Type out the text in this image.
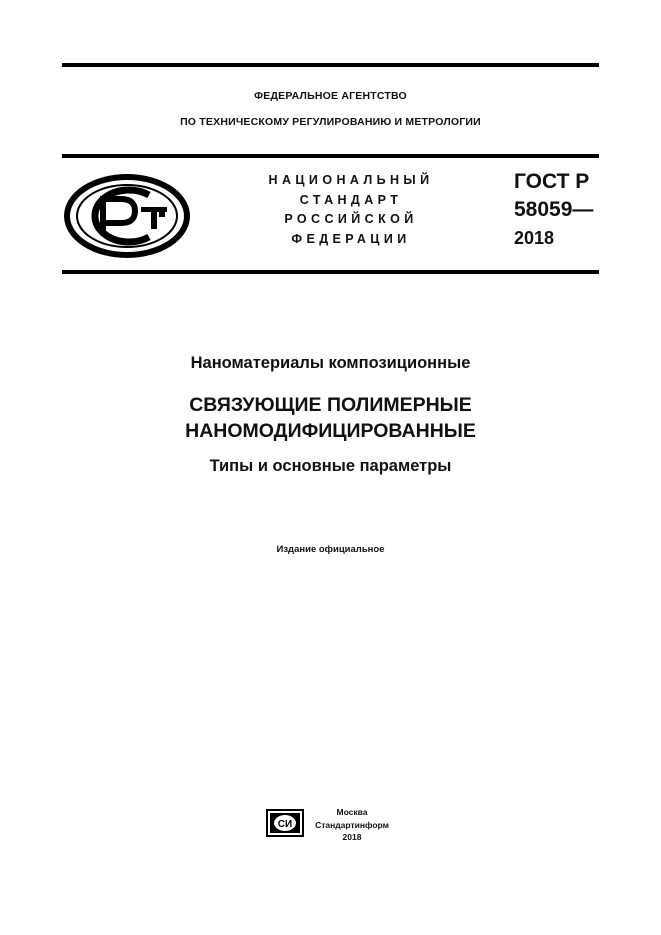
ФЕДЕРАЛЬНОЕ АГЕНТСТВО
ПО ТЕХНИЧЕСКОМУ РЕГУЛИРОВАНИЮ И МЕТРОЛОГИИ
НАЦИОНАЛЬНЫЙ
СТАНДАРТ
РОССИЙСКОЙ
ФЕДЕРАЦИИ
ГОСТ Р
58059—
2018
Наноматериалы композиционные
СВЯЗУЮЩИЕ ПОЛИМЕРНЫЕ
НАНОМОДИФИЦИРОВАННЫЕ
Типы и основные параметры
Издание официальное
СИ
Москва
Стандартинформ
2018
